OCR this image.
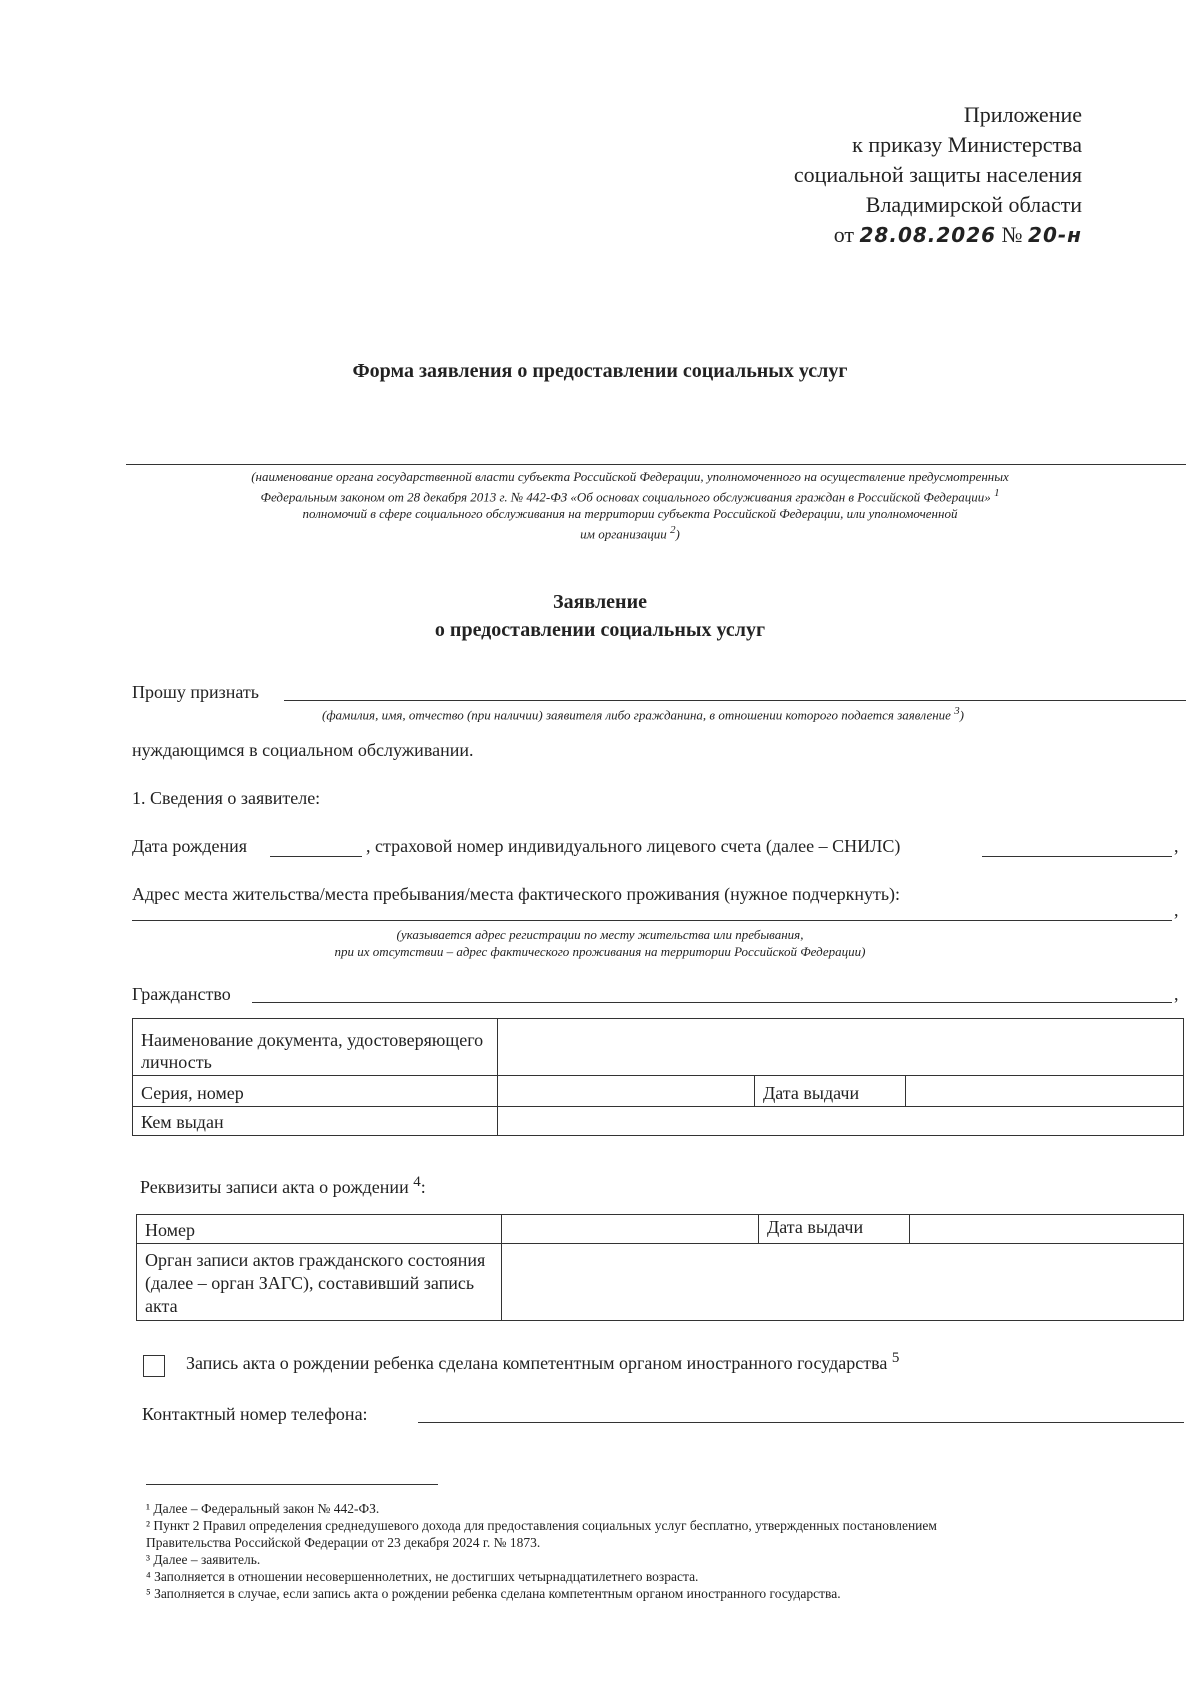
Приложение
к приказу Министерства
социальной защиты населения
Владимирской области
от 28.08.2026 № 20-н
Форма заявления о предоставлении социальных услуг
(наименование органа государственной власти субъекта Российской Федерации, уполномоченного на осуществление предусмотренных
Федеральным законом от 28 декабря 2013 г. № 442-ФЗ «Об основах социального обслуживания граждан в Российской Федерации» $^1$
полномочий в сфере социального обслуживания на территории субъекта Российской Федерации, или уполномоченной
им организации $^2$)
Заявление
о предоставлении социальных услуг
Прошу признать
(фамилия, имя, отчество (при наличии) заявителя либо гражданина, в отношении которого подается заявление $^3$)
нуждающимся в социальном обслуживании.
1. Сведения о заявителе:
Дата рождения	, страховой номер индивидуального лицевого счета (далее – СНИЛС)	,
Адрес места жительства/места пребывания/места фактического проживания (нужное подчеркнуть):
,
(указывается адрес регистрации по месту жительства или пребывания,
при их отсутствии – адрес фактического проживания на территории Российской Федерации)
Гражданство	,
Наименование документа, удостоверяющего личность			
Серия, номер		Дата выдачи	
Кем выдан			
Реквизиты записи акта о рождении $^4$:
Номер		Дата выдачи	
Орган записи актов гражданского состояния (далее – орган ЗАГС), составивший запись акта			
Запись акта о рождении ребенка сделана компетентным органом иностранного государства $^5$
Контактный номер телефона:
¹ Далее – Федеральный закон № 442-ФЗ.
² Пункт 2 Правил определения среднедушевого дохода для предоставления социальных услуг бесплатно, утвержденных постановлением
Правительства Российской Федерации от 23 декабря 2024 г. № 1873.
³ Далее – заявитель.
⁴ Заполняется в отношении несовершеннолетних, не достигших четырнадцатилетнего возраста.
⁵ Заполняется в случае, если запись акта о рождении ребенка сделана компетентным органом иностранного государства.
